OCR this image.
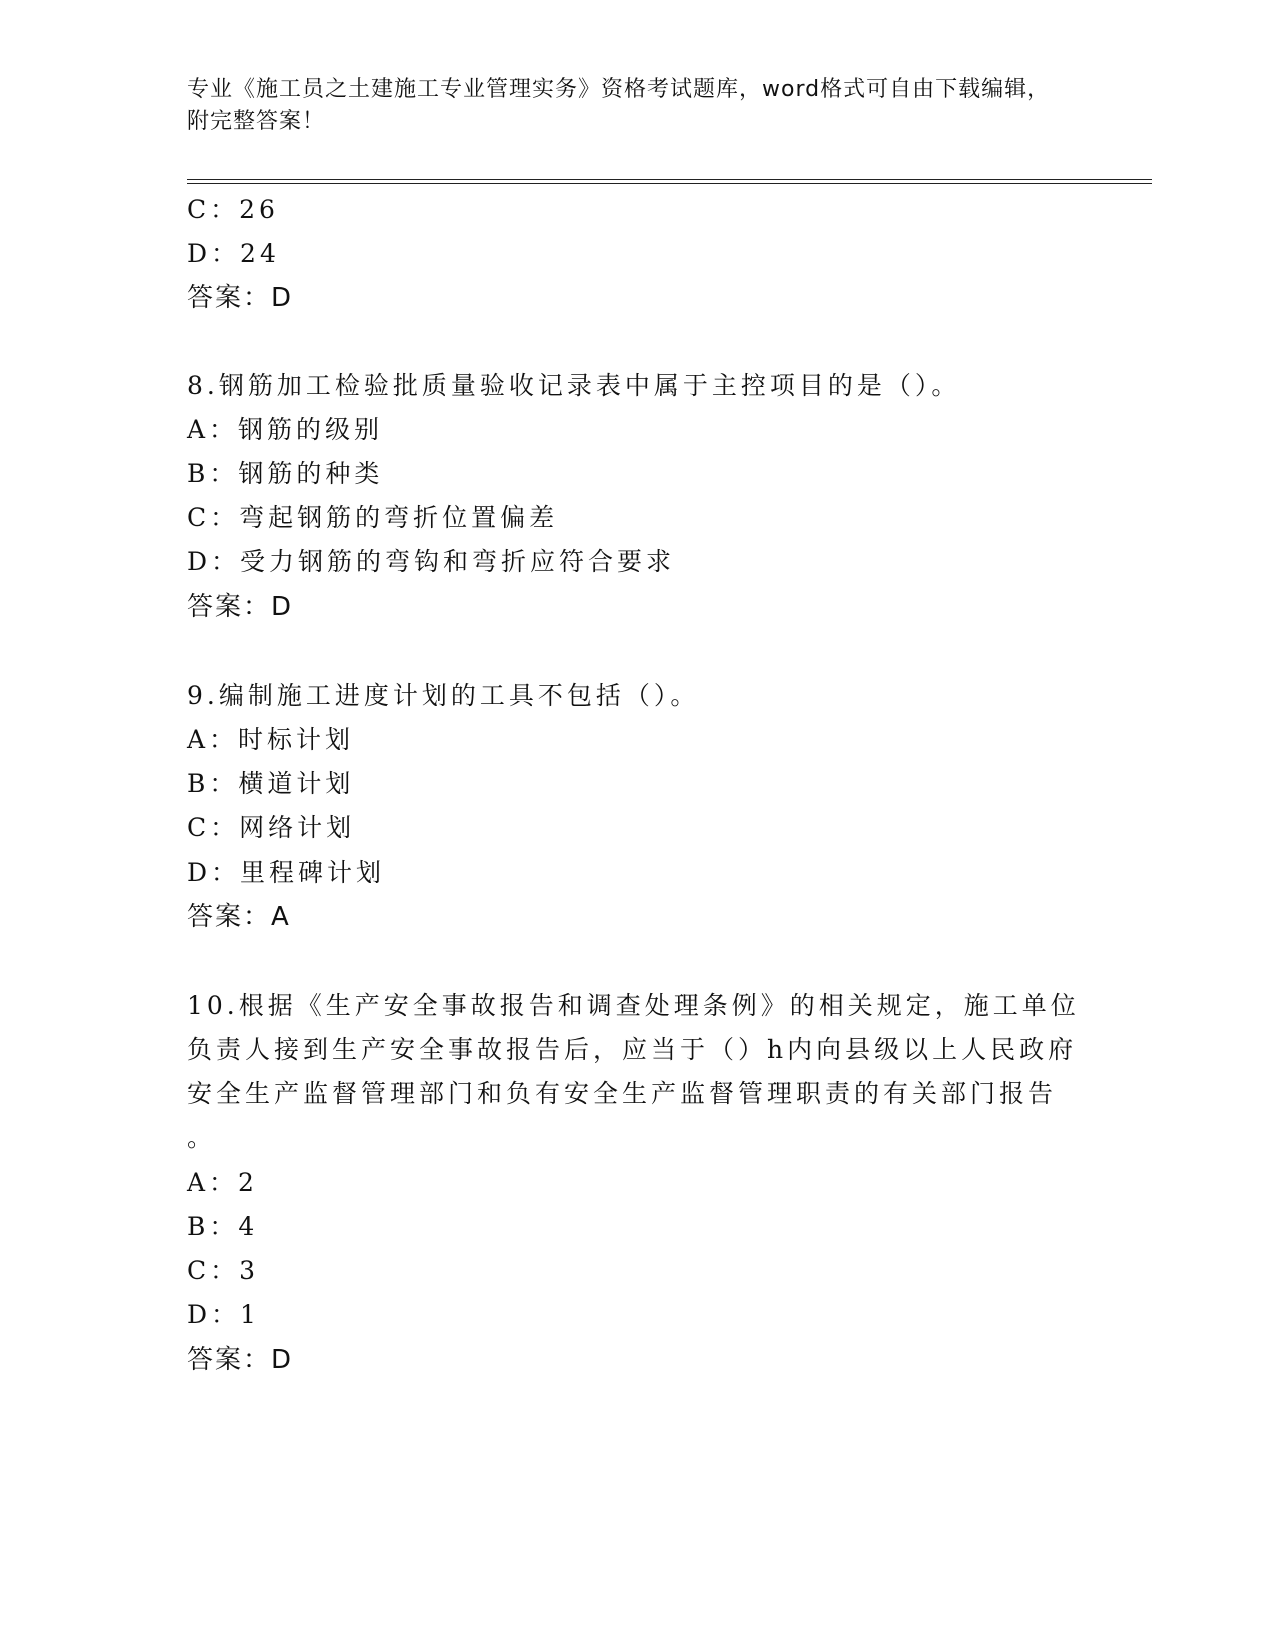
专业《施工员之土建施工专业管理实务》资格考试题库，word格式可自由下载编辑，附完整答案！
C：26
D：24
答案：D
8.钢筋加工检验批质量验收记录表中属于主控项目的是（）。
A：钢筋的级别
B：钢筋的种类
C：弯起钢筋的弯折位置偏差
D：受力钢筋的弯钩和弯折应符合要求
答案：D
9.编制施工进度计划的工具不包括（）。
A：时标计划
B：横道计划
C：网络计划
D：里程碑计划
答案：A
10.根据《生产安全事故报告和调查处理条例》的相关规定，施工单位
负责人接到生产安全事故报告后，应当于（）h内向县级以上人民政府
安全生产监督管理部门和负有安全生产监督管理职责的有关部门报告
。
A：2
B：4
C：3
D：1
答案：D
